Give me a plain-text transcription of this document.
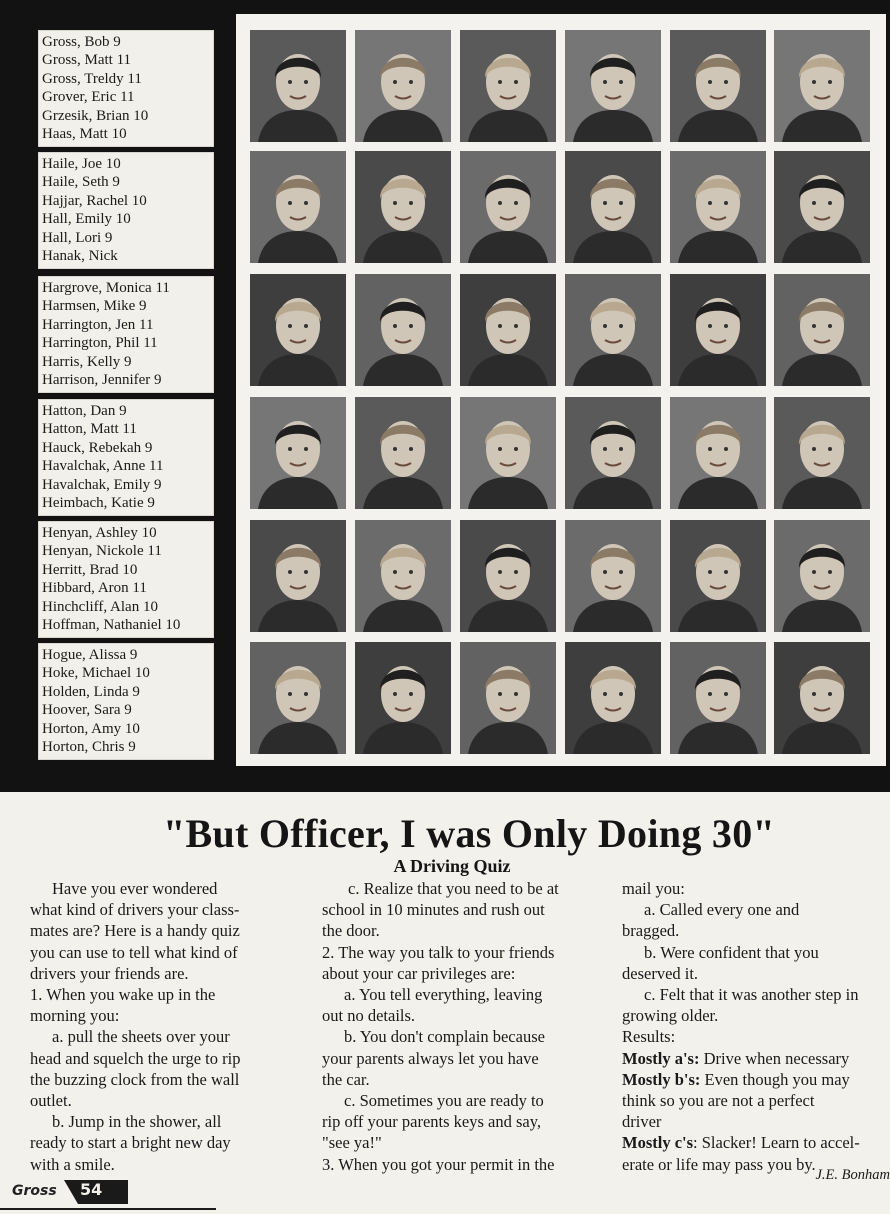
Gross, Bob 9
Gross, Matt 11
Gross, Treldy 11
Grover, Eric 11
Grzesik, Brian 10
Haas, Matt 10
Haile, Joe 10
Haile, Seth 9
Hajjar, Rachel 10
Hall, Emily 10
Hall, Lori 9
Hanak, Nick
Hargrove, Monica 11
Harmsen, Mike 9
Harrington, Jen 11
Harrington, Phil 11
Harris, Kelly 9
Harrison, Jennifer 9
Hatton, Dan 9
Hatton, Matt 11
Hauck, Rebekah 9
Havalchak, Anne 11
Havalchak, Emily 9
Heimbach, Katie 9
Henyan, Ashley 10
Henyan, Nickole 11
Herritt, Brad 10
Hibbard, Aron 11
Hinchcliff, Alan 10
Hoffman, Nathaniel 10
Hogue, Alissa 9
Hoke, Michael 10
Holden, Linda 9
Hoover, Sara 9
Horton, Amy 10
Horton, Chris 9
"But Officer, I was Only Doing 30"
A Driving Quiz

Have you ever wondered

what kind of drivers your class-

mates are? Here is a handy quiz

you can use to tell what kind of

drivers your friends are.

1. When you wake up in the

morning you:

a. pull the sheets over your

head and squelch the urge to rip

the buzzing clock from the wall

outlet.

b. Jump in the shower, all

ready to start a bright new day

with a smile.

c. Realize that you need to be at

school in 10 minutes and rush out

the door.

2. The way you talk to your friends

about your car privileges are:

a. You tell everything, leaving

out no details.

b. You don't complain because

your parents always let you have

the car.

c. Sometimes you are ready to

rip off your parents keys and say,

"see ya!"

3. When you got your permit in the

mail you:

a. Called every one and

bragged.

b. Were confident that you

deserved it.

c. Felt that it was another step in

growing older.

Results:

Mostly a's: Drive when necessary

Mostly b's: Even though you may

think so you are not a perfect

driver

Mostly c's: Slacker! Learn to accel-

erate or life may pass you by.

J.E. Bonham
Gross 54
